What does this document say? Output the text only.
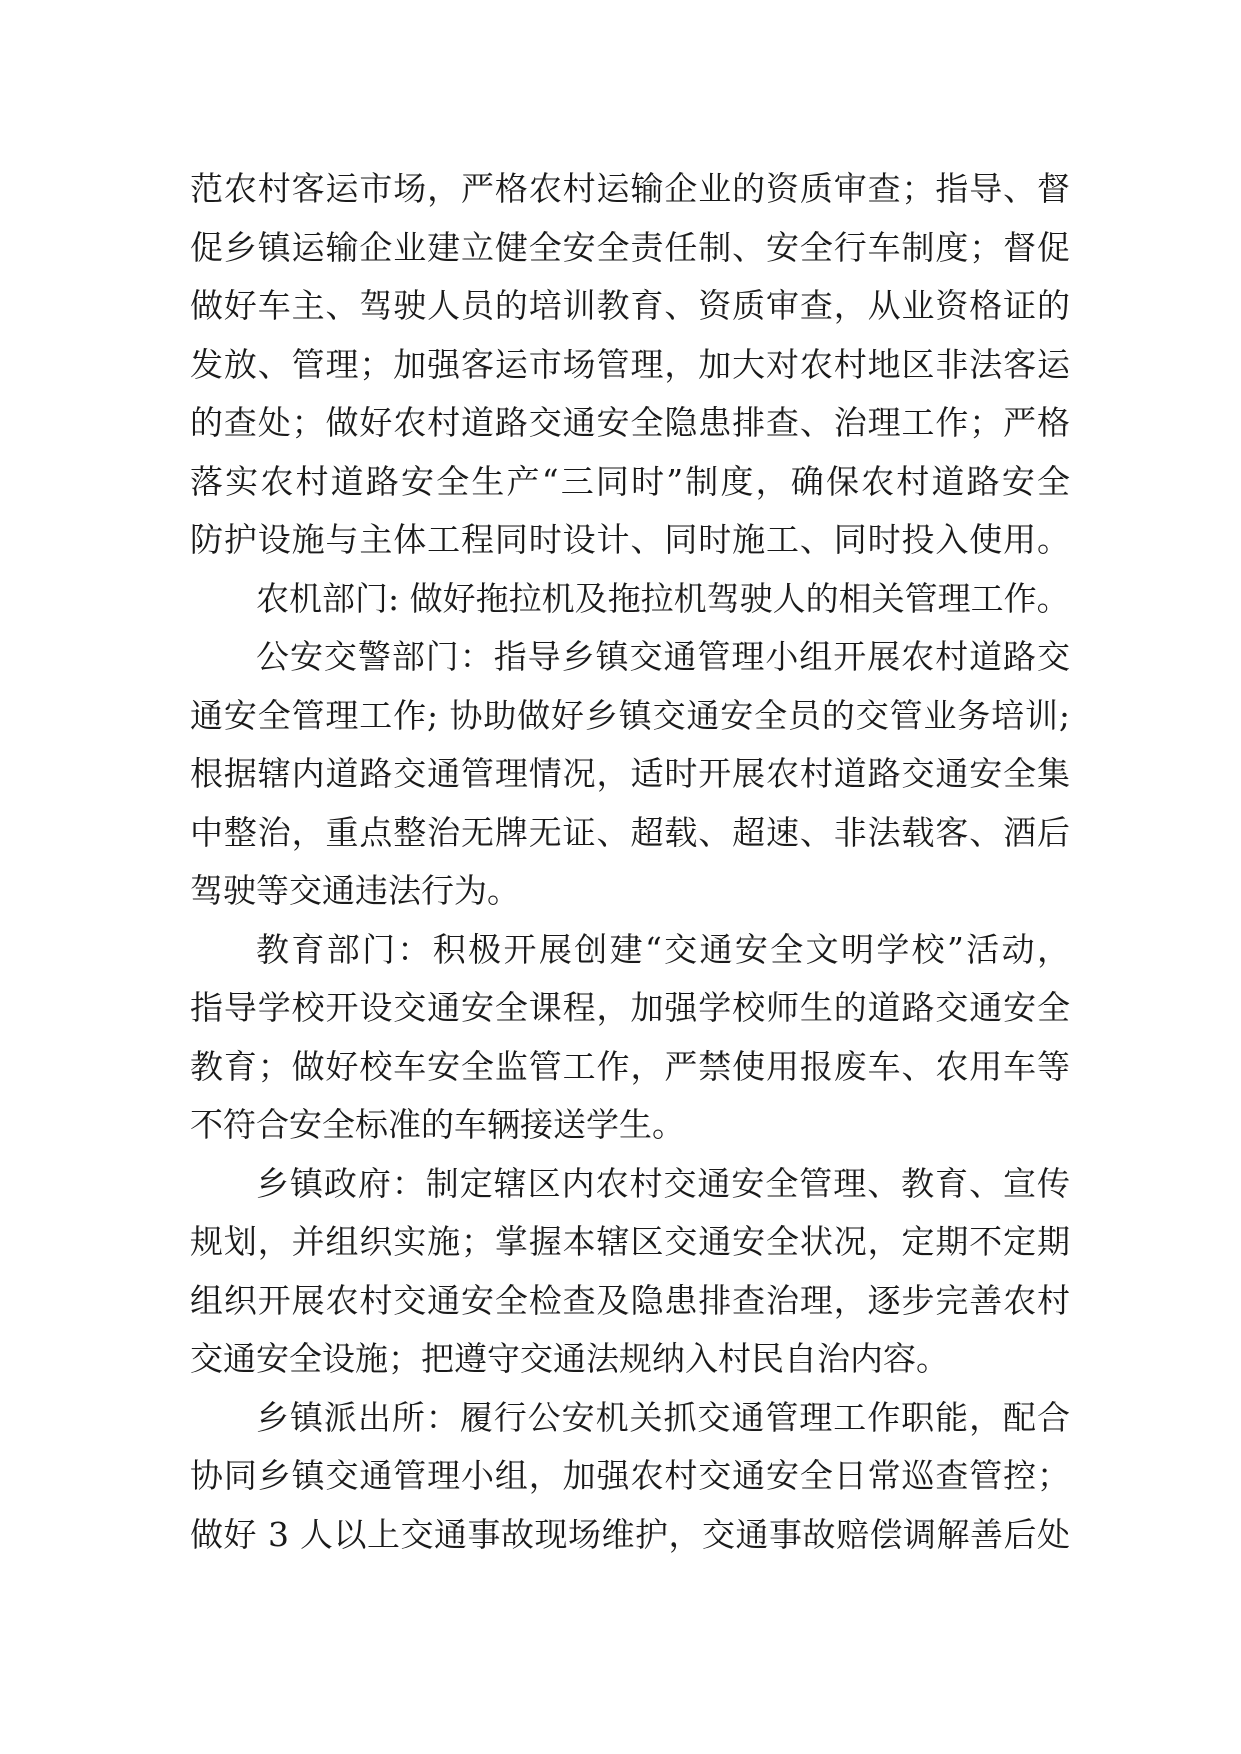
范农村客运市场，严格农村运输企业的资质审查；指导、督
促乡镇运输企业建立健全安全责任制、安全行车制度；督促
做好车主、驾驶人员的培训教育、资质审查，从业资格证的
发放、管理；加强客运市场管理，加大对农村地区非法客运
的查处；做好农村道路交通安全隐患排查、治理工作；严格
落实农村道路安全生产“三同时”制度，确保农村道路安全
防护设施与主体工程同时设计、同时施工、同时投入使用。
农机部门: 做好拖拉机及拖拉机驾驶人的相关管理工作。
公安交警部门：指导乡镇交通管理小组开展农村道路交
通安全管理工作; 协助做好乡镇交通安全员的交管业务培训;
根据辖内道路交通管理情况，适时开展农村道路交通安全集
中整治，重点整治无牌无证、超载、超速、非法载客、酒后
驾驶等交通违法行为。
教育部门：积极开展创建“交通安全文明学校”活动，
指导学校开设交通安全课程，加强学校师生的道路交通安全
教育；做好校车安全监管工作，严禁使用报废车、农用车等
不符合安全标准的车辆接送学生。
乡镇政府：制定辖区内农村交通安全管理、教育、宣传
规划，并组织实施；掌握本辖区交通安全状况，定期不定期
组织开展农村交通安全检查及隐患排查治理，逐步完善农村
交通安全设施；把遵守交通法规纳入村民自治内容。
乡镇派出所：履行公安机关抓交通管理工作职能，配合
协同乡镇交通管理小组，加强农村交通安全日常巡查管控；
做好 3 人以上交通事故现场维护，交通事故赔偿调解善后处
